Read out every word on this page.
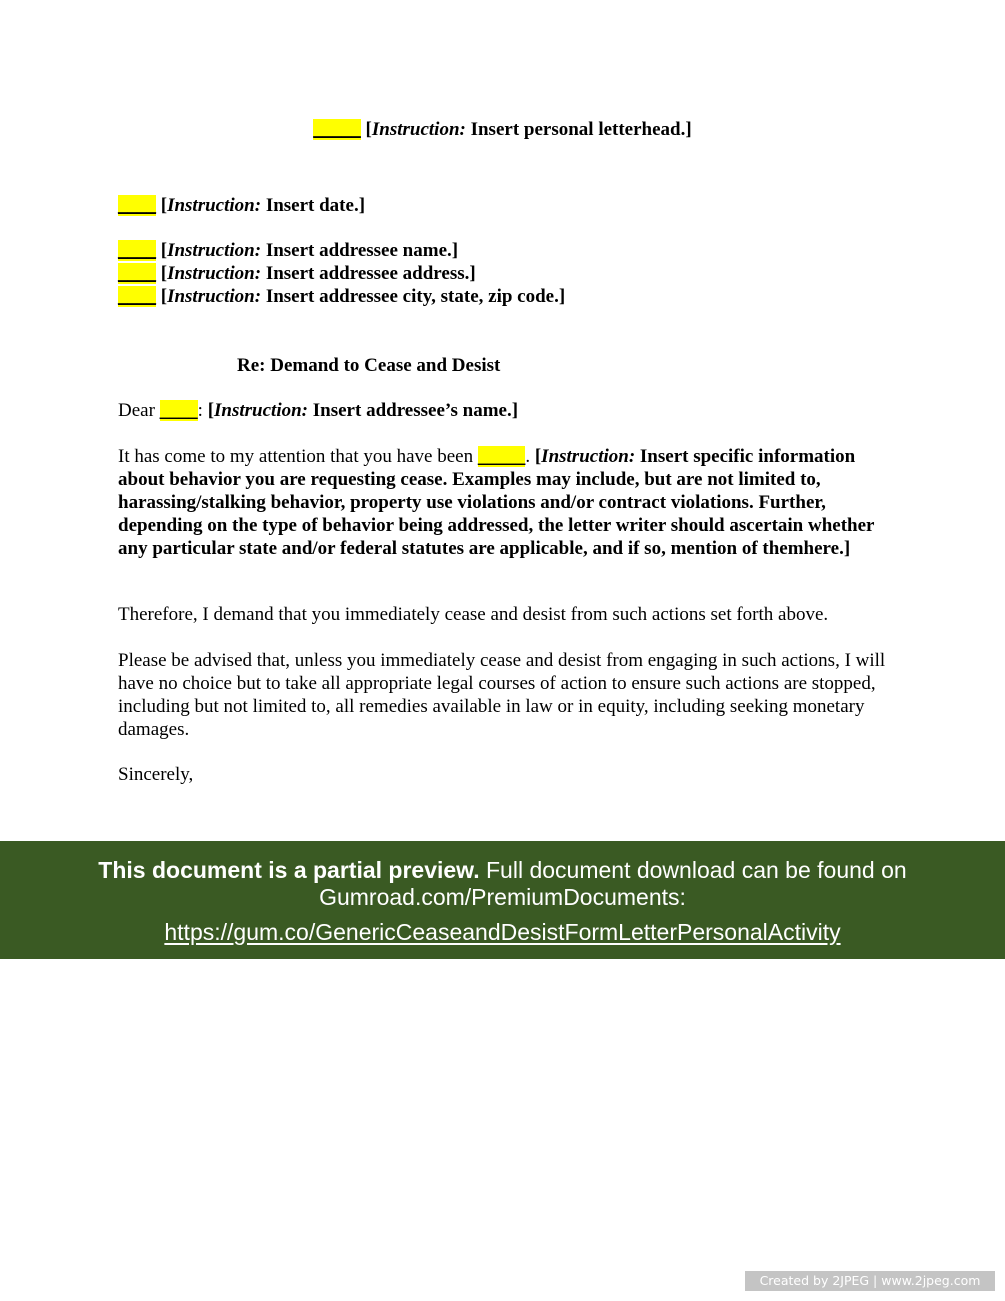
_____ [Instruction: Insert personal letterhead.]
____ [Instruction: Insert date.]
____ [Instruction: Insert addressee name.]
____ [Instruction: Insert addressee address.]
____ [Instruction: Insert addressee city, state, zip code.]
Re: Demand to Cease and Desist
Dear ____: [Instruction: Insert addressee’s name.]
It has come to my attention that you have been _____. [Instruction: Insert specific information about behavior you are requesting cease. Examples may include, but are not limited to, harassing/stalking behavior, property use violations and/or contract violations. Further, depending on the type of behavior being addressed, the letter writer should ascertain whether any particular state and/or federal statutes are applicable, and if so, mention of themhere.]
Therefore, I demand that you immediately cease and desist from such actions set forth above.
Please be advised that, unless you immediately cease and desist from engaging in such actions, I will have no choice but to take all appropriate legal courses of action to ensure such actions are stopped, including but not limited to, all remedies available in law or in equity, including seeking monetary damages.
Sincerely,
This document is a partial preview. Full document download can be found on Gumroad.com/PremiumDocuments:
https://gum.co/GenericCeaseandDesistFormLetterPersonalActivity
Created by 2JPEG | www.2jpeg.com
